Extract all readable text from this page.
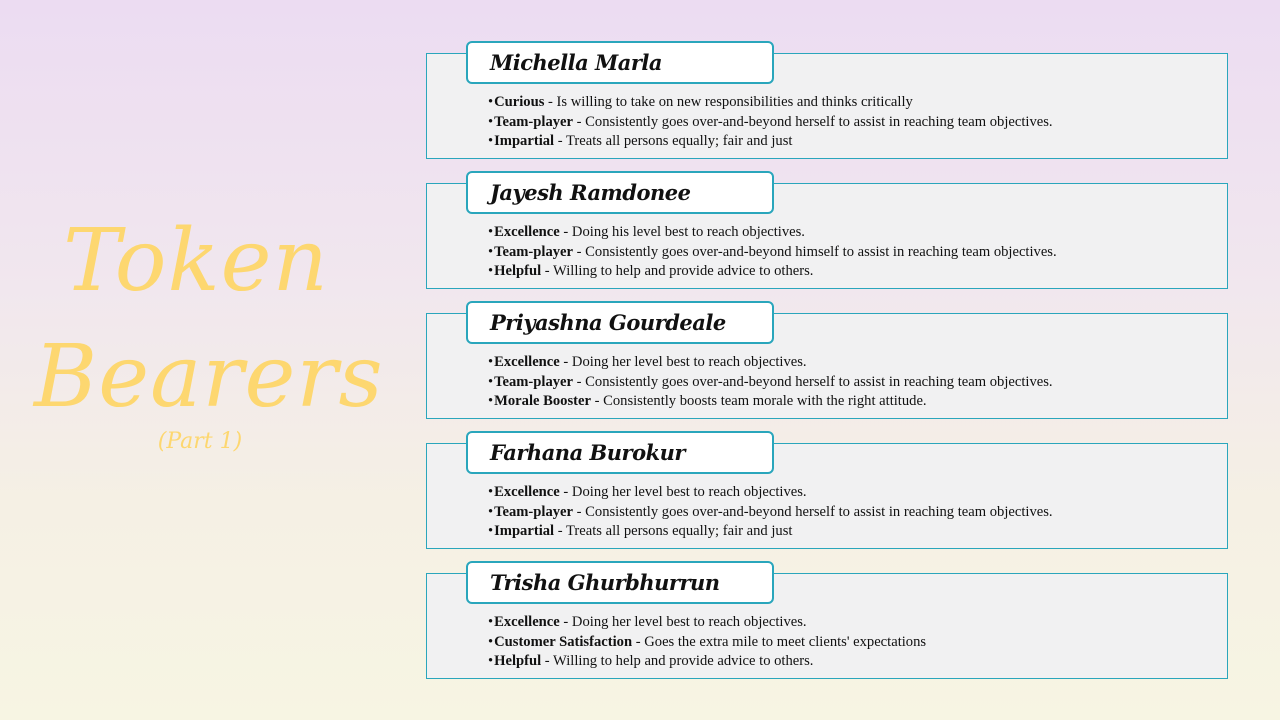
Token
Bearers
(Part 1)
Michella Marla
•Curious - Is willing to take on new responsibilities and thinks critically
•Team-player - Consistently goes over-and-beyond herself to assist in reaching team objectives.
•Impartial - Treats all persons equally; fair and just
Jayesh Ramdonee
•Excellence - Doing his level best to reach objectives.
•Team-player - Consistently goes over-and-beyond himself to assist in reaching team objectives.
•Helpful - Willing to help and provide advice to others.
Priyashna Gourdeale
•Excellence - Doing her level best to reach objectives.
•Team-player - Consistently goes over-and-beyond herself to assist in reaching team objectives.
•Morale Booster - Consistently boosts team morale with the right attitude.
Farhana Burokur
•Excellence - Doing her level best to reach objectives.
•Team-player - Consistently goes over-and-beyond herself to assist in reaching team objectives.
•Impartial - Treats all persons equally; fair and just
Trisha Ghurbhurrun
•Excellence - Doing her level best to reach objectives.
•Customer Satisfaction - Goes the extra mile to meet clients' expectations
•Helpful - Willing to help and provide advice to others.
